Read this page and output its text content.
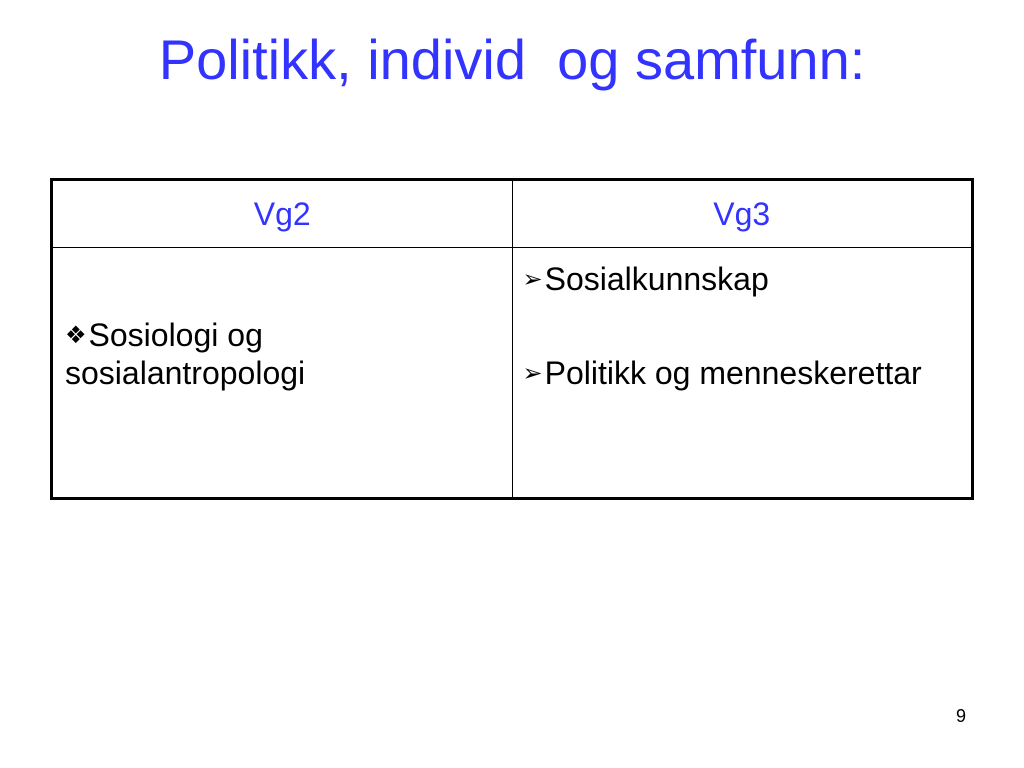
Politikk, individ  og samfunn:
Vg2	Vg3

❖Sosiologi og sosialantropologi	➢Sosialkunnskap
➢Politikk og menneskerettar
9
